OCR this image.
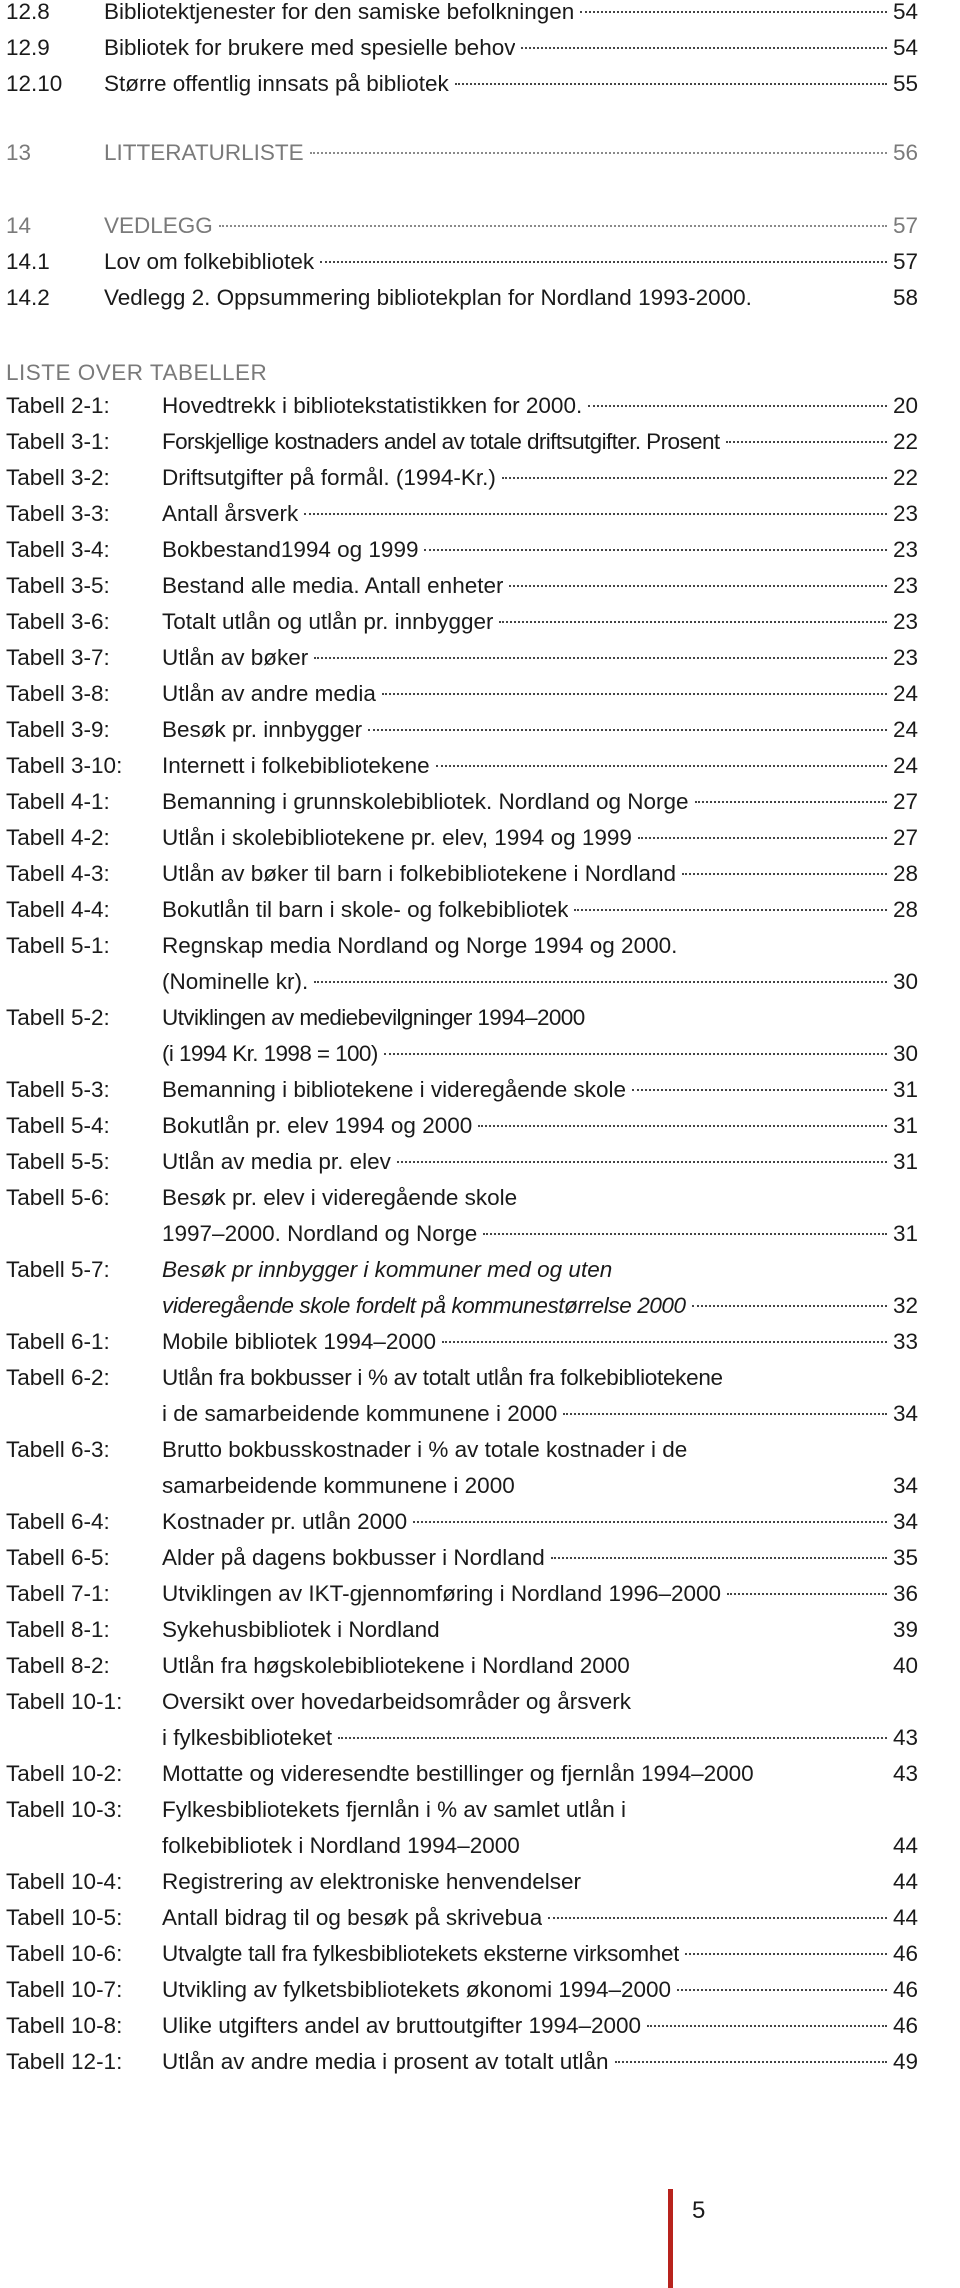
12.8	Bibliotektjenester for den samiske befolkningen	54
12.9	Bibliotek for brukere med spesielle behov	54
12.10	Større offentlig innsats på bibliotek	55
13	LITTERATURLISTE	56
14	VEDLEGG	57
14.1	Lov om folkebibliotek	57
14.2	Vedlegg 2. Oppsummering bibliotekplan for Nordland 1993-2000.	58
LISTE OVER TABELLER
Tabell 2-1: Hovedtrekk i bibliotekstatistikken for 2000.	20
Tabell 3-1: Forskjellige kostnaders andel av totale driftsutgifter. Prosent	22
Tabell 3-2: Driftsutgifter på formål. (1994-Kr.)	22
Tabell 3-3: Antall årsverk	23
Tabell 3-4: Bokbestand1994 og 1999	23
Tabell 3-5: Bestand alle media. Antall enheter	23
Tabell 3-6: Totalt utlån og utlån pr. innbygger	23
Tabell 3-7: Utlån av bøker	23
Tabell 3-8: Utlån av andre media	24
Tabell 3-9: Besøk pr. innbygger	24
Tabell 3-10: Internett i folkebibliotekene	24
Tabell 4-1: Bemanning i grunnskolebibliotek. Nordland og Norge	27
Tabell 4-2: Utlån i skolebibliotekene pr. elev, 1994 og 1999	27
Tabell 4-3: Utlån av bøker til barn i folkebibliotekene i Nordland	28
Tabell 4-4: Bokutlån til barn i skole- og folkebibliotek	28
Tabell 5-1: Regnskap media Nordland og Norge 1994 og 2000.
(Nominelle kr).	30
Tabell 5-2: Utviklingen av mediebevilgninger 1994–2000
(i 1994 Kr. 1998 = 100)	30
Tabell 5-3: Bemanning i bibliotekene i videregående skole	31
Tabell 5-4: Bokutlån pr. elev 1994 og 2000	31
Tabell 5-5: Utlån av media pr. elev	31
Tabell 5-6: Besøk pr. elev i videregående skole
1997–2000. Nordland og Norge	31
Tabell 5-7: Besøk pr innbygger i kommuner med og uten
videregående skole fordelt på kommunestørrelse 2000	32
Tabell 6-1: Mobile bibliotek 1994–2000	33
Tabell 6-2: Utlån fra bokbusser i % av totalt utlån fra folkebibliotekene
i de samarbeidende kommunene i 2000	34
Tabell 6-3: Brutto bokbusskostnader i % av totale kostnader i de
samarbeidende kommunene i 2000	34
Tabell 6-4: Kostnader pr. utlån 2000	34
Tabell 6-5: Alder på dagens bokbusser i Nordland	35
Tabell 7-1: Utviklingen av IKT-gjennomføring i Nordland 1996–2000	36
Tabell 8-1: Sykehusbibliotek i Nordland	39
Tabell 8-2: Utlån fra høgskolebibliotekene i Nordland 2000	40
Tabell 10-1: Oversikt over hovedarbeidsområder og årsverk
i fylkesbiblioteket	43
Tabell 10-2: Mottatte og videresendte bestillinger og fjernlån 1994–2000	43
Tabell 10-3: Fylkesbibliotekets fjernlån i % av samlet utlån i
folkebibliotek i Nordland 1994–2000	44
Tabell 10-4: Registrering av elektroniske henvendelser	44
Tabell 10-5: Antall bidrag til og besøk på skrivebua	44
Tabell 10-6: Utvalgte tall fra fylkesbibliotekets eksterne virksomhet	46
Tabell 10-7: Utvikling av fylketsbibliotekets økonomi 1994–2000	46
Tabell 10-8: Ulike utgifters andel av bruttoutgifter 1994–2000	46
Tabell 12-1: Utlån av andre media i prosent av totalt utlån	49
5
